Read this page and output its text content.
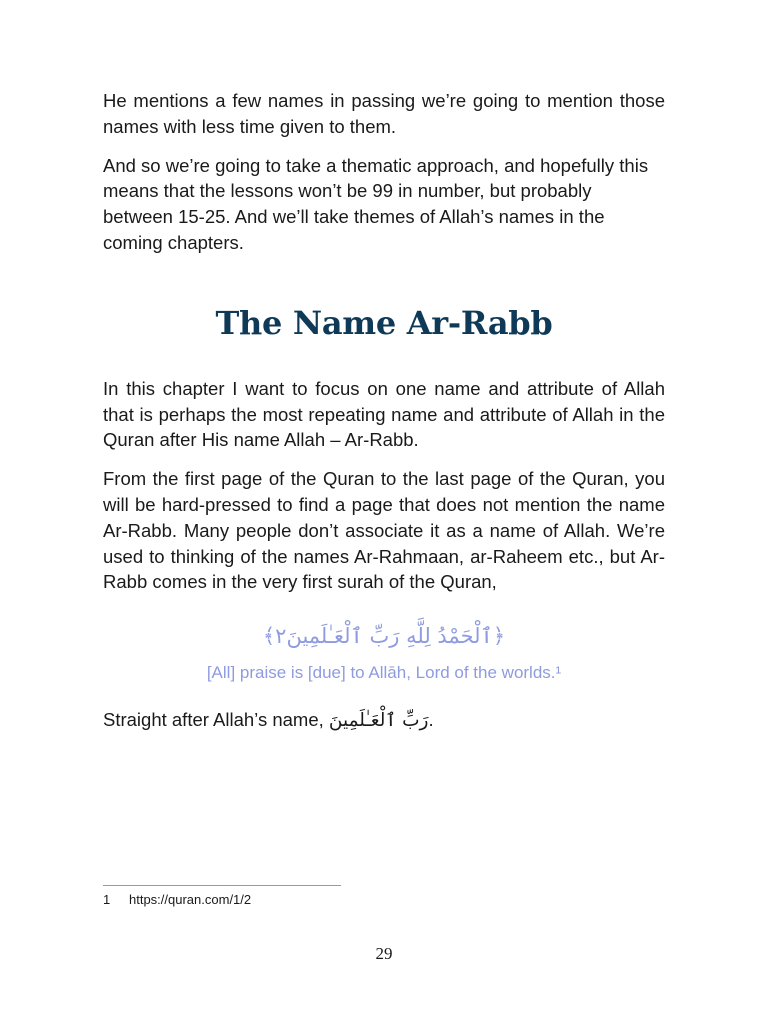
He mentions a few names in passing we’re going to mention those names with less time given to them.

And so we’re going to take a thematic approach, and hopefully this means that the lessons won’t be 99 in number, but probably between 15-25. And we’ll take themes of Allah’s names in the coming chapters.

The Name Ar-Rabb

In this chapter I want to focus on one name and attribute of Allah that is perhaps the most repeating name and attribute of Allah in the Quran after His name Allah – Ar-Rabb.

From the first page of the Quran to the last page of the Quran, you will be hard-pressed to find a page that does not mention the name Ar-Rabb. Many people don’t associate it as a name of Allah. We’re used to thinking of the names Ar-Rahmaan, ar-Raheem etc., but Ar-Rabb comes in the very first surah of the Quran,

﴿ٱلْحَمْدُ لِلَّهِ رَبِّ ٱلْعَـٰلَمِينَ٢﴾
[All] praise is [due] to Allāh, Lord of the worlds.¹

Straight after Allah’s name, رَبِّ ٱلْعَـٰلَمِينَ.

1 https://quran.com/1/2
29
